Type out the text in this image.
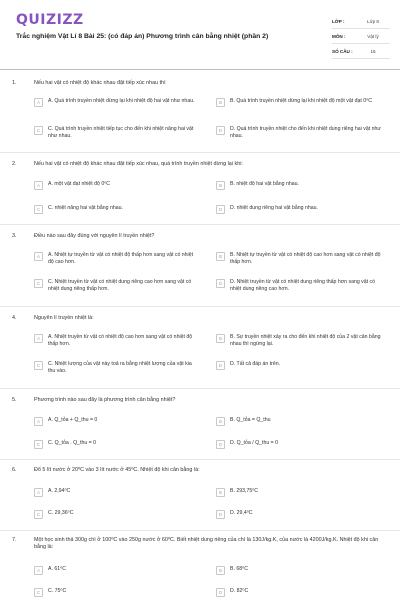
QUIZIZZ
Trắc nghiệm Vật Lí 8 Bài 25: (có đáp án) Phương trình cân bằng nhiệt (phần 2)
LỚP :	Lớp 8
MÔN :	Vật lý
SỐ CÂU :	16
1.	Nếu hai vật có nhiệt độ khác nhau đặt tiếp xúc nhau thì
A	A. Quá trình truyền nhiệt dừng lại khi nhiệt độ hai vật như nhau.	B	B. Quá trình truyền nhiệt dừng lại khi nhiệt độ một vật đạt 0⁰C
C	C. Quá trình truyền nhiệt tiếp tục cho đến khi nhiệt năng hai vật như nhau.
D	D. Quá trình truyền nhiệt cho đến khi nhiệt dung riêng hai vật như nhau.
2.	Nếu hai vật có nhiệt độ khác nhau đặt tiếp xúc nhau, quá trình truyền nhiệt dừng lại khi:
A	A. một vật đạt nhiệt độ 0⁰C	B	B. nhiệt độ hai vật bằng nhau.
C	C. nhiệt năng hai vật bằng nhau.	D	D. nhiệt dung riêng hai vật bằng nhau.
3.	Điều nào sau đây đúng với nguyên lí truyền nhiệt?
A	A. Nhiệt tự truyền từ vật có nhiệt độ thấp hơn sang vật có nhiệt độ cao hơn.
B	B. Nhiệt tự truyền từ vật có nhiệt độ cao hơn sang vật có nhiệt độ thấp hơn.
C	C. Nhiệt truyền từ vật có nhiệt dung riêng cao hơn sang vật có nhiệt dung riêng thấp hơn.
D	D. Nhiệt truyền từ vật có nhiệt dung riêng thấp hơn sang vật có nhiệt dung riêng cao hơn.
4.	Nguyên lí truyền nhiệt là:
A	A. Nhiệt truyền từ vật có nhiệt độ cao hơn sang vật có nhiệt độ thấp hơn.
B	B. Sự truyền nhiệt xảy ra cho đến khi nhiệt độ của 2 vật cân bằng nhau thì ngừng lại.
C	C. Nhiệt lượng của vật này toả ra bằng nhiệt lượng của vật kia thu vào.
D	D. Tất cả đáp án trên.
5.	Phương trình nào sau đây là phương trình cân bằng nhiệt?
A	A. Q_tỏa + Q_thu = 0	B	B. Q_tỏa = Q_thu
C	C. Q_tỏa . Q_thu = 0	D	D. Q_tỏa / Q_thu = 0
6.	Đổ 5 lít nước ở 20⁰C vào 3 lít nước ở 45⁰C. Nhiệt độ khi cân bằng là:
A	A. 2,94⁰C	B	B. 293,75⁰C
C	C. 29,36⁰C	D	D. 29,4⁰C
7.	Một học sinh thả 300g chì ở 100⁰C vào 250g nước ở 60⁰C. Biết nhiệt dung riêng của chì là 130J/kg.K, của nước là 4200J/kg.K. Nhiệt độ khi cân bằng là:
A	A. 61⁰C	B	B. 68⁰C
C	C. 75⁰C	D	D. 82⁰C
